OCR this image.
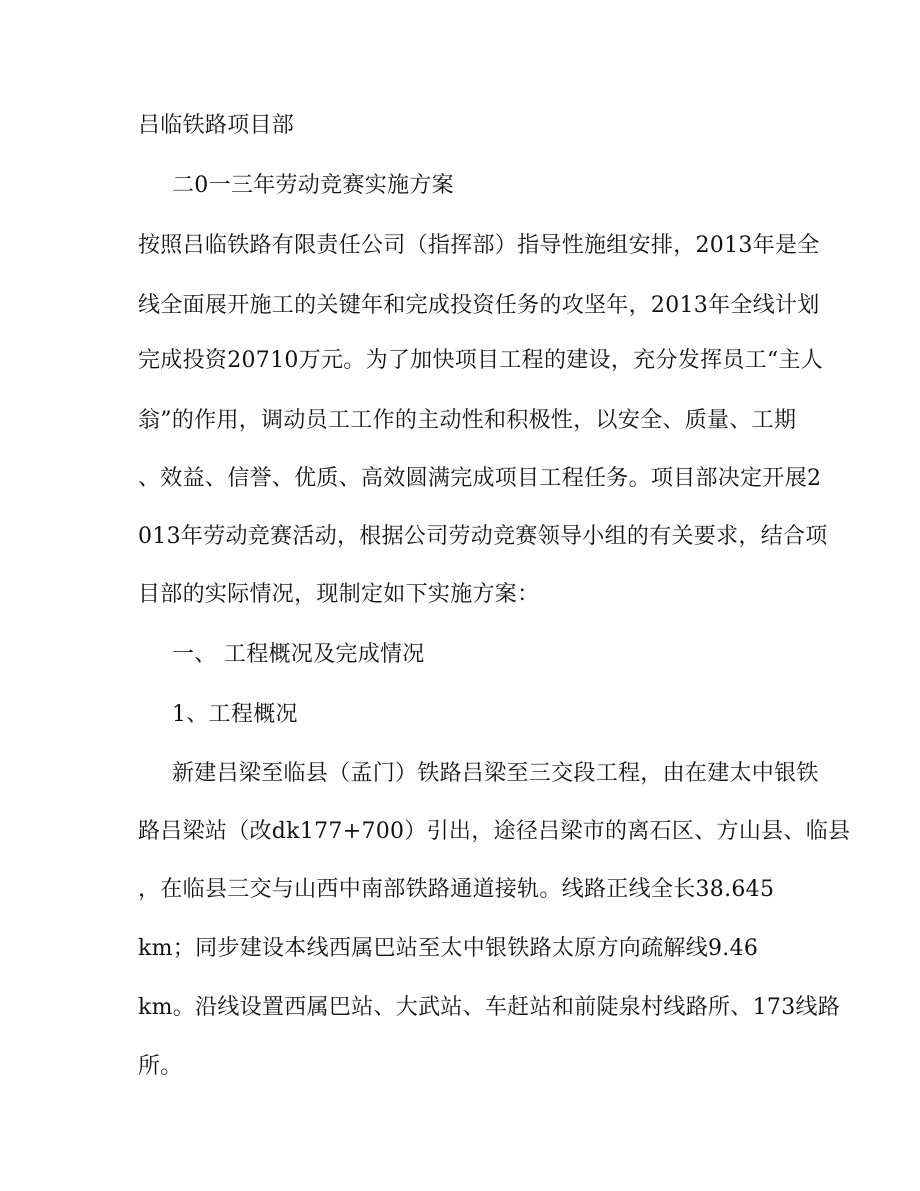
吕临铁路项目部
二0一三年劳动竞赛实施方案
按照吕临铁路有限责任公司（指挥部）指导性施组安排，2013年是全
线全面展开施工的关键年和完成投资任务的攻坚年，2013年全线计划
完成投资20710万元。为了加快项目工程的建设，充分发挥员工“主人
翁”的作用，调动员工工作的主动性和积极性，以安全、质量、工期
、效益、信誉、优质、高效圆满完成项目工程任务。项目部决定开展2
013年劳动竞赛活动，根据公司劳动竞赛领导小组的有关要求，结合项
目部的实际情况，现制定如下实施方案：
一、 工程概况及完成情况
1、工程概况
新建吕梁至临县（孟门）铁路吕梁至三交段工程，由在建太中银铁
路吕梁站（改dk177+700）引出，途径吕梁市的离石区、方山县、临县
，在临县三交与山西中南部铁路通道接轨。线路正线全长38.645
km；同步建设本线西属巴站至太中银铁路太原方向疏解线9.46
km。沿线设置西属巴站、大武站、车赶站和前陡泉村线路所、173线路
所。
